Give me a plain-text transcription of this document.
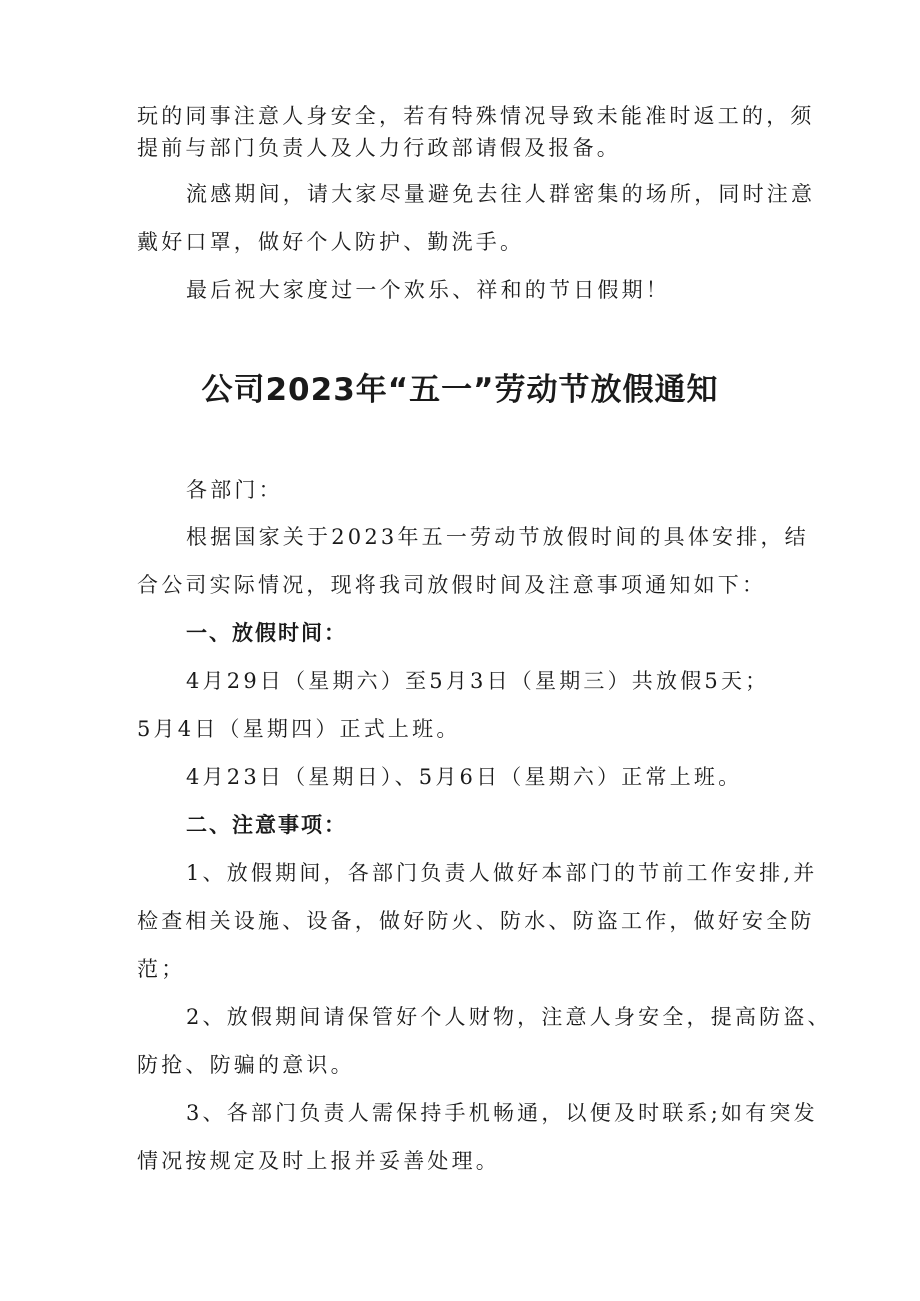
玩的同事注意人身安全，若有特殊情况导致未能准时返工的，须
提前与部门负责人及人力行政部请假及报备。
流感期间，请大家尽量避免去往人群密集的场所，同时注意
戴好口罩，做好个人防护、勤洗手。
最后祝大家度过一个欢乐、祥和的节日假期！
公司2023年“五一”劳动节放假通知
各部门：
根据国家关于2023年五一劳动节放假时间的具体安排，结
合公司实际情况，现将我司放假时间及注意事项通知如下：
一、放假时间：
4月29日（星期六）至5月3日（星期三）共放假5天；
5月4日（星期四）正式上班。
4月23日（星期日）、5月6日（星期六）正常上班。
二、注意事项：
1、放假期间，各部门负责人做好本部门的节前工作安排,并
检查相关设施、设备，做好防火、防水、防盗工作，做好安全防
范；
2、放假期间请保管好个人财物，注意人身安全，提高防盗、
防抢、防骗的意识。
3、各部门负责人需保持手机畅通，以便及时联系;如有突发
情况按规定及时上报并妥善处理。
